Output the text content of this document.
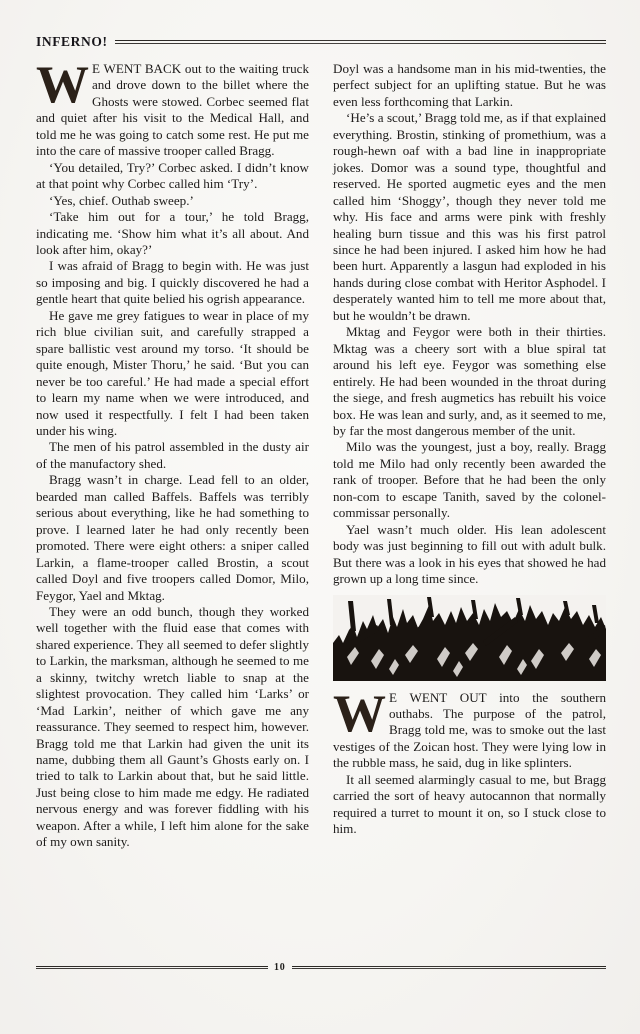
INFERNO!

W E WENT BACK out to the waiting truck and drove down to the billet where the Ghosts were stowed. Corbec seemed flat and quiet after his visit to the Medical Hall, and told me he was going to catch some rest. He put me into the care of massive trooper called Bragg.

‘You detailed, Try?’ Corbec asked. I didn’t know at that point why Corbec called him ‘Try’.

‘Yes, chief. Outhab sweep.’

‘Take him out for a tour,’ he told Bragg, indicating me. ‘Show him what it’s all about. And look after him, okay?’

I was afraid of Bragg to begin with. He was just so imposing and big. I quickly discovered he had a gentle heart that quite belied his ogrish appearance.

He gave me grey fatigues to wear in place of my rich blue civilian suit, and carefully strapped a spare ballistic vest around my torso. ‘It should be quite enough, Mister Thoru,’ he said. ‘But you can never be too careful.’ He had made a special effort to learn my name when we were introduced, and now used it respectfully. I felt I had been taken under his wing.

The men of his patrol assembled in the dusty air of the manufactory shed.

Bragg wasn’t in charge. Lead fell to an older, bearded man called Baffels. Baffels was terribly serious about everything, like he had something to prove. I learned later he had only recently been promoted. There were eight others: a sniper called Larkin, a flame-trooper called Brostin, a scout called Doyl and five troopers called Domor, Milo, Feygor, Yael and Mktag.

They were an odd bunch, though they worked well together with the fluid ease that comes with shared experience. They all seemed to defer slightly to Larkin, the marksman, although he seemed to me a skinny, twitchy wretch liable to snap at the slightest provocation. They called him ‘Larks’ or ‘Mad Larkin’, neither of which gave me any reassurance. They seemed to respect him, however. Bragg told me that Larkin had given the unit its name, dubbing them all Gaunt’s Ghosts early on. I tried to talk to Larkin about that, but he said little. Just being close to him made me edgy. He radiated nervous energy and was forever fiddling with his weapon. After a while, I left him alone for the sake of my own sanity.

Doyl was a handsome man in his mid-twenties, the perfect subject for an uplifting statue. But he was even less forthcoming that Larkin.

‘He’s a scout,’ Bragg told me, as if that explained everything. Brostin, stinking of promethium, was a rough-hewn oaf with a bad line in inappropriate jokes. Domor was a sound type, thoughtful and reserved. He sported augmetic eyes and the men called him ‘Shoggy’, though they never told me why. His face and arms were pink with freshly healing burn tissue and this was his first patrol since he had been injured. I asked him how he had been hurt. Apparently a lasgun had exploded in his hands during close combat with Heritor Asphodel. I desperately wanted him to tell me more about that, but he wouldn’t be drawn.

Mktag and Feygor were both in their thirties. Mktag was a cheery sort with a blue spiral tat around his left eye. Feygor was something else entirely. He had been wounded in the throat during the siege, and fresh augmetics has rebuilt his voice box. He was lean and surly, and, as it seemed to me, by far the most dangerous member of the unit.

Milo was the youngest, just a boy, really. Bragg told me Milo had only recently been awarded the rank of trooper. Before that he had been the only non-com to escape Tanith, saved by the colonel-commissar personally.

Yael wasn’t much older. His lean adolescent body was just beginning to fill out with adult bulk. But there was a look in his eyes that showed he had grown up a long time since.

W E WENT OUT into the southern outhabs. The purpose of the patrol, Bragg told me, was to smoke out the last vestiges of the Zoican host. They were lying low in the rubble mass, he said, dug in like splinters.

It all seemed alarmingly casual to me, but Bragg carried the sort of heavy autocannon that normally required a turret to mount it on, so I stuck close to him.

10
